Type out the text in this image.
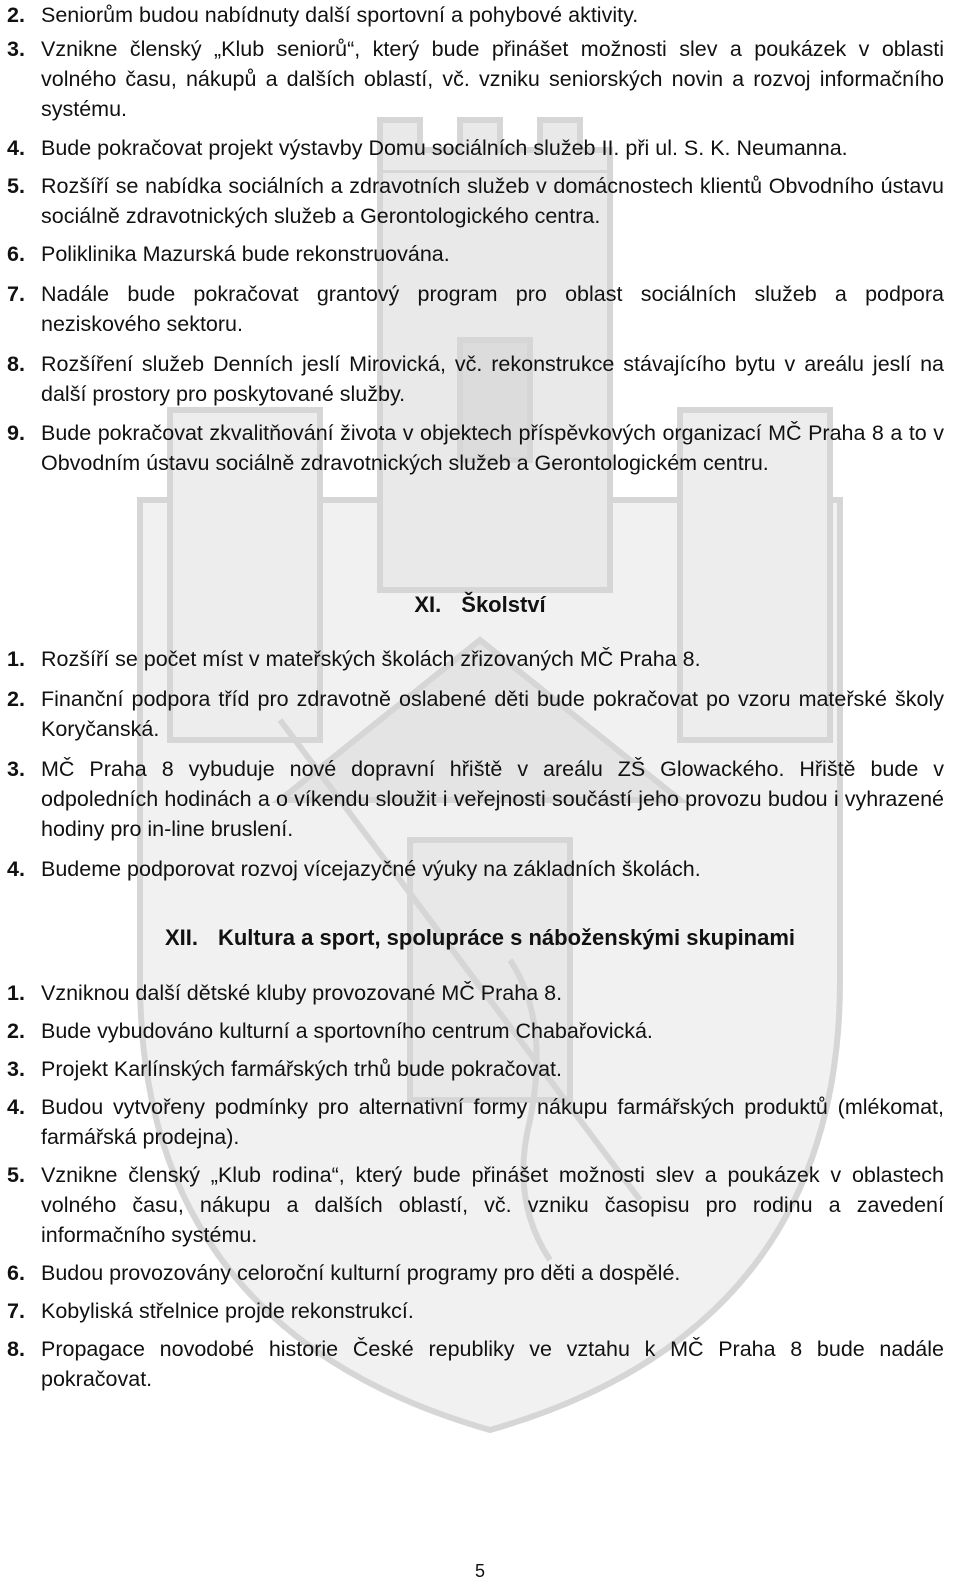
2. Seniorům budou nabídnuty další sportovní a pohybové aktivity.
3. Vznikne členský „Klub seniorů“, který bude přinášet možnosti slev a poukázek v oblasti volného času, nákupů a dalších oblastí, vč. vzniku seniorských novin a rozvoj informačního systému.
4. Bude pokračovat projekt výstavby Domu sociálních služeb II. při ul. S. K. Neumanna.
5. Rozšíří se nabídka sociálních a zdravotních služeb v domácnostech klientů Obvodního ústavu sociálně zdravotnických služeb a Gerontologického centra.
6. Poliklinika Mazurská bude rekonstruována.
7. Nadále bude pokračovat grantový program pro oblast sociálních služeb a podpora neziskového sektoru.
8. Rozšíření služeb Denních jeslí Mirovická, vč. rekonstrukce stávajícího bytu v areálu jeslí na další prostory pro poskytované služby.
9. Bude pokračovat zkvalitňování života v objektech příspěvkových organizací MČ Praha 8 a to v Obvodním ústavu sociálně zdravotnických služeb a Gerontologickém centru.
XI. Školství
1. Rozšíří se počet míst v mateřských školách zřizovaných MČ Praha 8.
2. Finanční podpora tříd pro zdravotně oslabené děti bude pokračovat po vzoru mateřské školy Koryčanská.
3. MČ Praha 8 vybuduje nové dopravní hřiště v areálu ZŠ Glowackého. Hřiště bude v odpoledních hodinách a o víkendu sloužit i veřejnosti součástí jeho provozu budou i vyhrazené hodiny pro in-line bruslení.
4. Budeme podporovat rozvoj vícejazyčné výuky na základních školách.
XII. Kultura a sport, spolupráce s náboženskými skupinami
1. Vzniknou další dětské kluby provozované MČ Praha 8.
2. Bude vybudováno kulturní a sportovního centrum Chabařovická.
3. Projekt Karlínských farmářských trhů bude pokračovat.
4. Budou vytvořeny podmínky pro alternativní formy nákupu farmářských produktů (mlékomat, farmářská prodejna).
5. Vznikne členský „Klub rodina“, který bude přinášet možnosti slev a poukázek v oblastech volného času, nákupu a dalších oblastí, vč. vzniku časopisu pro rodinu a zavedení informačního systému.
6. Budou provozovány celoroční kulturní programy pro děti a dospělé.
7. Kobyliská střelnice projde rekonstrukcí.
8. Propagace novodobé historie České republiky ve vztahu k MČ Praha 8 bude nadále pokračovat.
5
